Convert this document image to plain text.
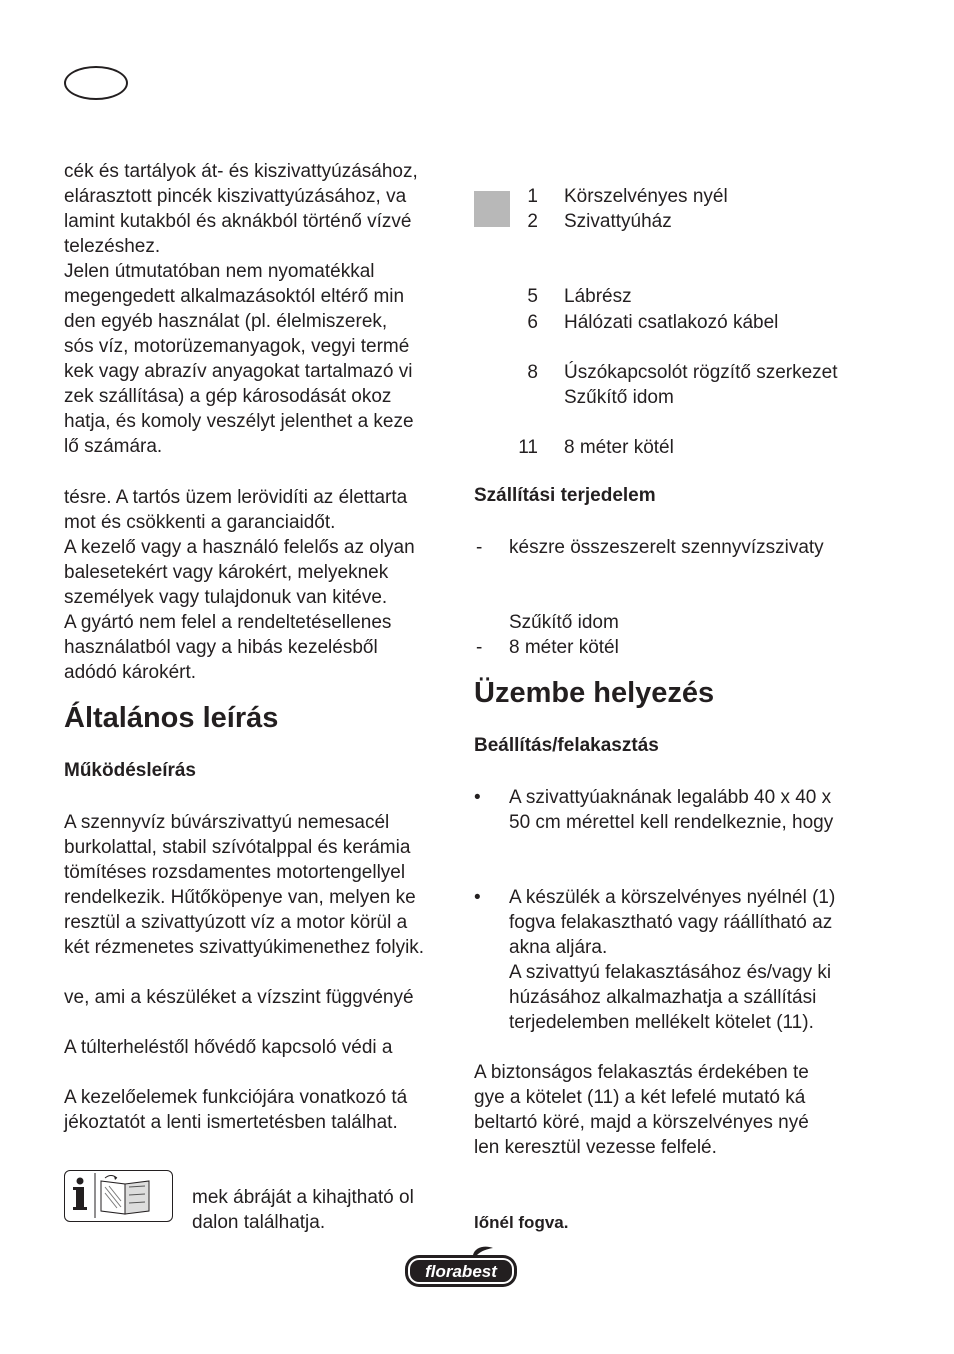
cék és tartályok át- és kiszivattyúzásához,
elárasztott pincék kiszivattyúzásához, va
lamint kutakból és aknákból történő vízvé
telezéshez.
Jelen útmutatóban nem nyomatékkal
megengedett alkalmazásoktól eltérő min
den egyéb használat (pl. élelmiszerek,
sós víz, motorüzemanyagok, vegyi termé
kek vagy abrazív anyagokat tartalmazó vi
zek szállítása) a gép károsodását okoz
hatja, és komoly veszélyt jelenthet a keze
lő számára.
tésre. A tartós üzem lerövidíti az élettarta
mot és csökkenti a garanciaidőt.
A kezelő vagy a használó felelős az olyan
balesetekért vagy károkért, melyeknek
személyek vagy tulajdonuk van kitéve.
A gyártó nem felel a rendeltetésellenes
használatból vagy a hibás kezelésből
adódó károkért.
Általános leírás
Működésleírás
A szennyvíz búvárszivattyú nemesacél
burkolattal, stabil szívótalppal és kerámia
tömítéses rozsdamentes motortengellyel
rendelkezik. Hűtőköpenye van, melyen ke
resztül a szivattyúzott víz a motor körül a
két rézmenetes szivattyúkimenethez folyik.
ve, ami a készüléket a vízszint függvényé
A túlterheléstől hővédő kapcsoló védi a
A kezelőelemek funkciójára vonatkozó tá
jékoztatót a lenti ismertetésben találhat.
mek ábráját a kihajtható ol
dalon találhatja.
1 Körszelvényes nyél
2 Szivattyúház
5 Lábrész
6 Hálózati csatlakozó kábel
8 Úszókapcsolót rögzítő szerkezet
Szűkítő idom
11 8 méter kötél
Szállítási terjedelem
- készre összeszerelt szennyvízszivaty
Szűkítő idom
- 8 méter kötél
Üzembe helyezés
Beállítás/felakasztás
• A szivattyúaknának legalább 40 x 40 x
50 cm mérettel kell rendelkeznie, hogy
• A készülék a körszelvényes nyélnél (1)
fogva felakasztható vagy ráállítható az
akna aljára.
A szivattyú felakasztásához és/vagy ki
húzásához alkalmazhatja a szállítási
terjedelemben mellékelt kötelet (11).
A biztonságos felakasztás érdekében te
gye a kötelet (11) a két lefelé mutató ká
beltartó köré, majd a körszelvényes nyé
len keresztül vezesse felfelé.
lőnél fogva.
florabest
